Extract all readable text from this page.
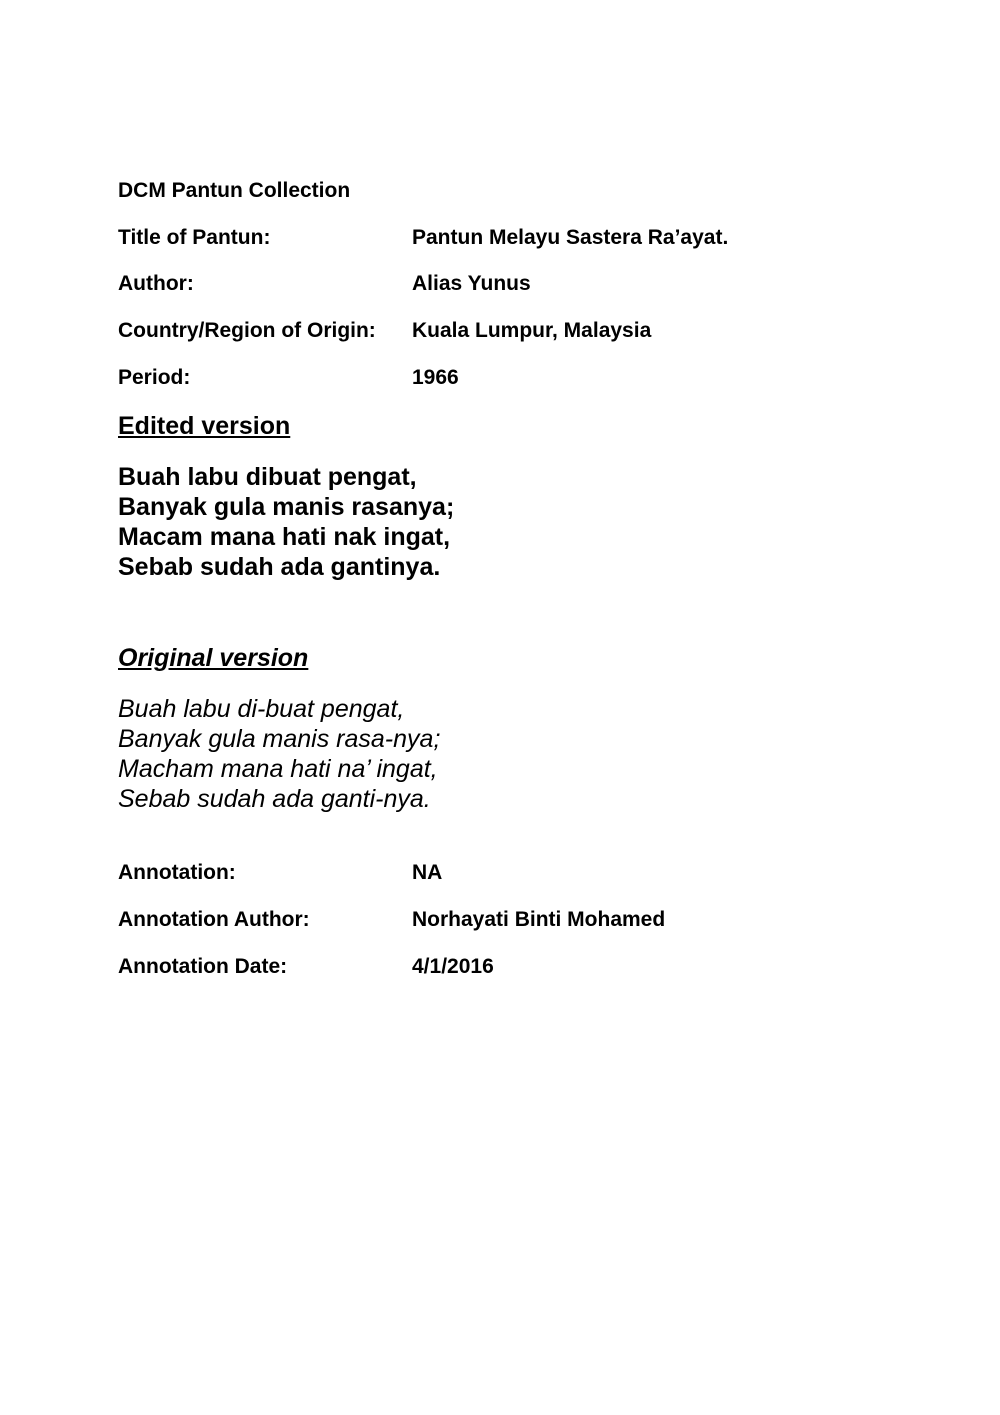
DCM Pantun Collection
Title of Pantun:	Pantun Melayu Sastera Ra’ayat.
Author:	Alias Yunus
Country/Region of Origin: Kuala Lumpur, Malaysia
Period:	1966
Edited version
Buah labu dibuat pengat,
Banyak gula manis rasanya;
Macam mana hati nak ingat,
Sebab sudah ada gantinya.
Original version
Buah labu di-buat pengat,
Banyak gula manis rasa-nya;
Macham mana hati na’ ingat,
Sebab sudah ada ganti-nya.
Annotation:	NA
Annotation Author:	Norhayati Binti Mohamed
Annotation Date:	4/1/2016
